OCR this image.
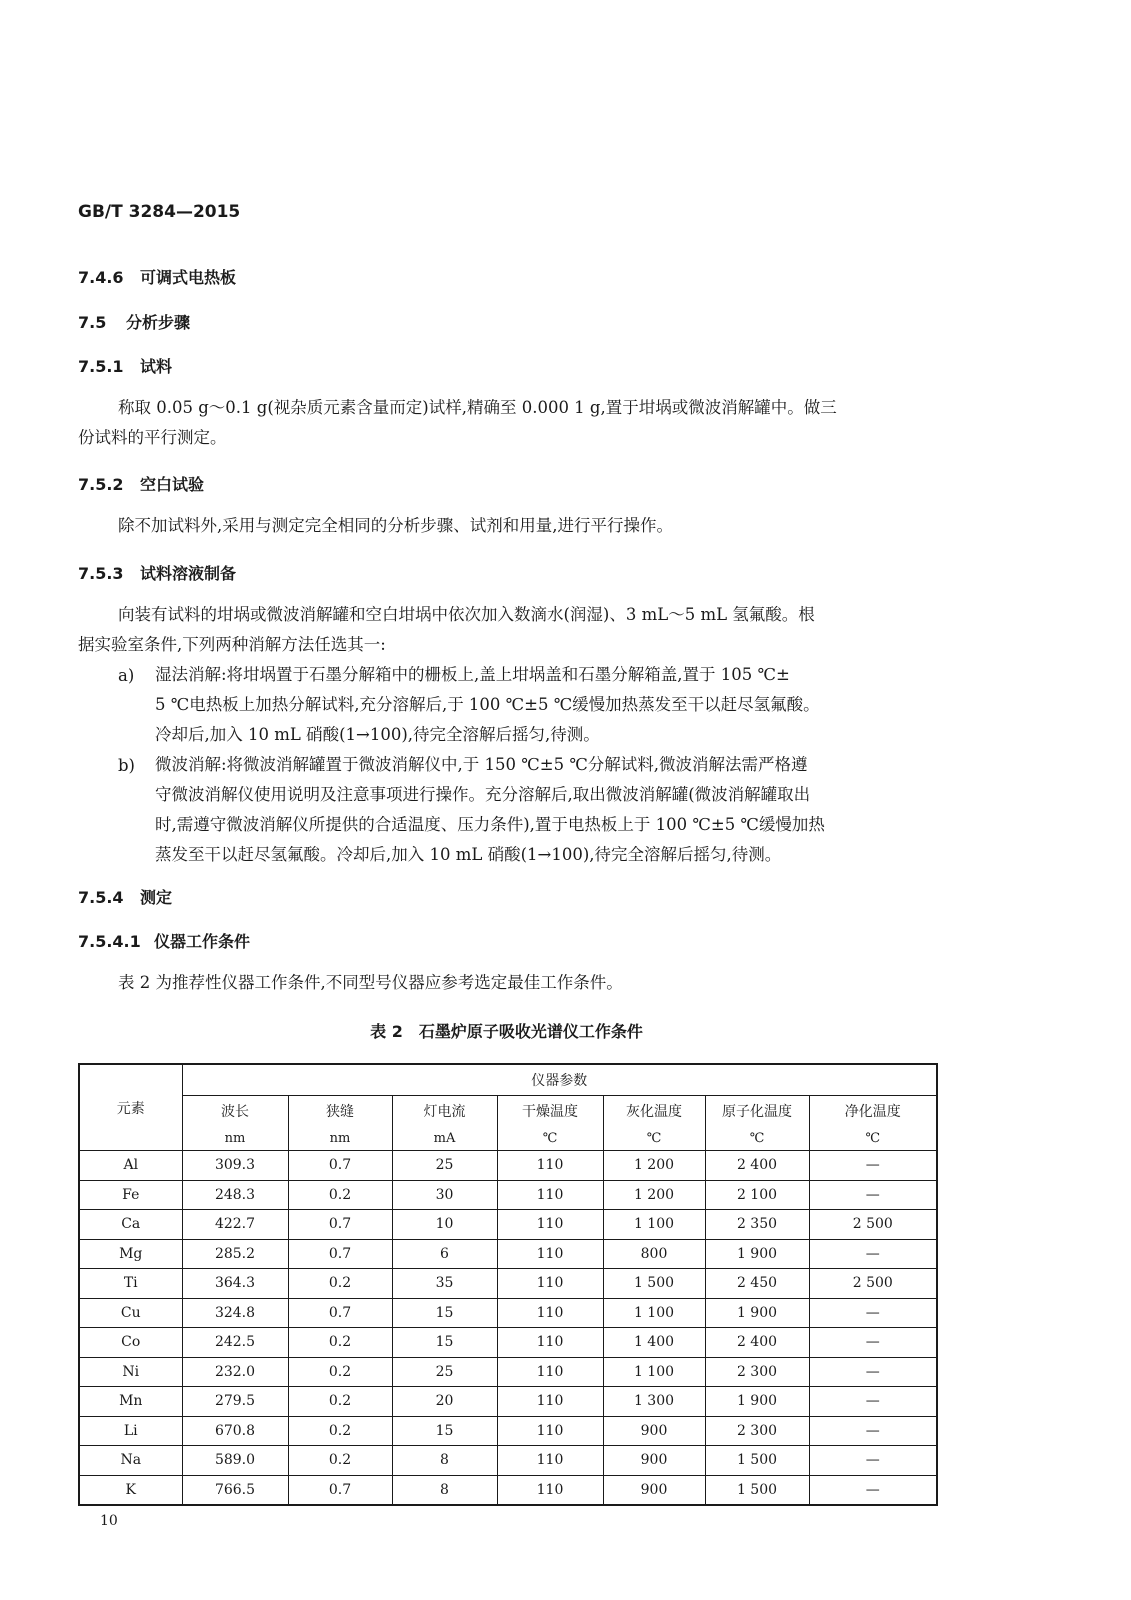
GB/T 3284—2015
7.4.6 可调式电热板
7.5 分析步骤
7.5.1 试料
称取 0.05 g～0.1 g(视杂质元素含量而定)试样,精确至 0.000 1 g,置于坩埚或微波消解罐中。做三
份试料的平行测定。
7.5.2 空白试验
除不加试料外,采用与测定完全相同的分析步骤、试剂和用量,进行平行操作。
7.5.3 试料溶液制备
向装有试料的坩埚或微波消解罐和空白坩埚中依次加入数滴水(润湿)、3 mL～5 mL 氢氟酸。根
据实验室条件,下列两种消解方法任选其一:
a) 湿法消解:将坩埚置于石墨分解箱中的栅板上,盖上坩埚盖和石墨分解箱盖,置于 105 ℃±
5 ℃电热板上加热分解试料,充分溶解后,于 100 ℃±5 ℃缓慢加热蒸发至干以赶尽氢氟酸。
冷却后,加入 10 mL 硝酸(1→100),待完全溶解后摇匀,待测。
b) 微波消解:将微波消解罐置于微波消解仪中,于 150 ℃±5 ℃分解试料,微波消解法需严格遵
守微波消解仪使用说明及注意事项进行操作。充分溶解后,取出微波消解罐(微波消解罐取出
时,需遵守微波消解仪所提供的合适温度、压力条件),置于电热板上于 100 ℃±5 ℃缓慢加热
蒸发至干以赶尽氢氟酸。冷却后,加入 10 mL 硝酸(1→100),待完全溶解后摇匀,待测。
7.5.4 测定
7.5.4.1 仪器工作条件
表 2 为推荐性仪器工作条件,不同型号仪器应参考选定最佳工作条件。
表 2　石墨炉原子吸收光谱仪工作条件
元素	仪器参数						
	波长	狭缝	灯电流	干燥温度	灰化温度	原子化温度	净化温度
	nm	nm	mA	℃	℃	℃	℃
Al	309.3	0.7	25	110	1 200	2 400	—
Fe	248.3	0.2	30	110	1 200	2 100	—
Ca	422.7	0.7	10	110	1 100	2 350	2 500
Mg	285.2	0.7	6	110	800	1 900	—
Ti	364.3	0.2	35	110	1 500	2 450	2 500
Cu	324.8	0.7	15	110	1 100	1 900	—
Co	242.5	0.2	15	110	1 400	2 400	—
Ni	232.0	0.2	25	110	1 100	2 300	—
Mn	279.5	0.2	20	110	1 300	1 900	—
Li	670.8	0.2	15	110	900	2 300	—
Na	589.0	0.2	8	110	900	1 500	—
K	766.5	0.7	8	110	900	1 500	—
10
